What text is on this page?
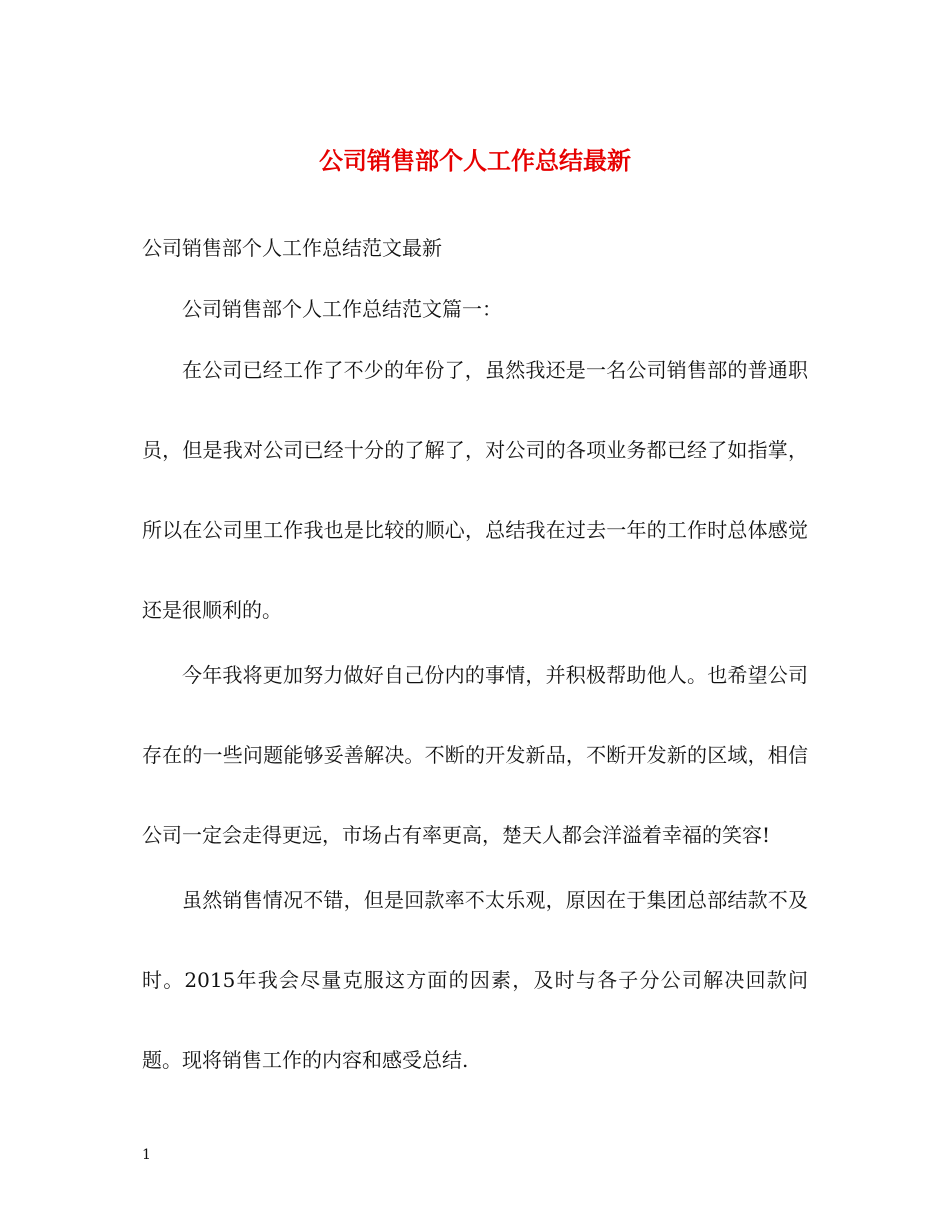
公司销售部个人工作总结最新

公司销售部个人工作总结范文最新

公司销售部个人工作总结范文篇一：

在公司已经工作了不少的年份了，虽然我还是一名公司销售部的普通职员，但是我对公司已经十分的了解了，对公司的各项业务都已经了如指掌，所以在公司里工作我也是比较的顺心，总结我在过去一年的工作时总体感觉还是很顺利的。

今年我将更加努力做好自己份内的事情，并积极帮助他人。也希望公司存在的一些问题能够妥善解决。不断的开发新品，不断开发新的区域，相信公司一定会走得更远，市场占有率更高，楚天人都会洋溢着幸福的笑容!

虽然销售情况不错，但是回款率不太乐观，原因在于集团总部结款不及时。2015年我会尽量克服这方面的因素，及时与各子分公司解决回款问题。现将销售工作的内容和感受总结.

1
